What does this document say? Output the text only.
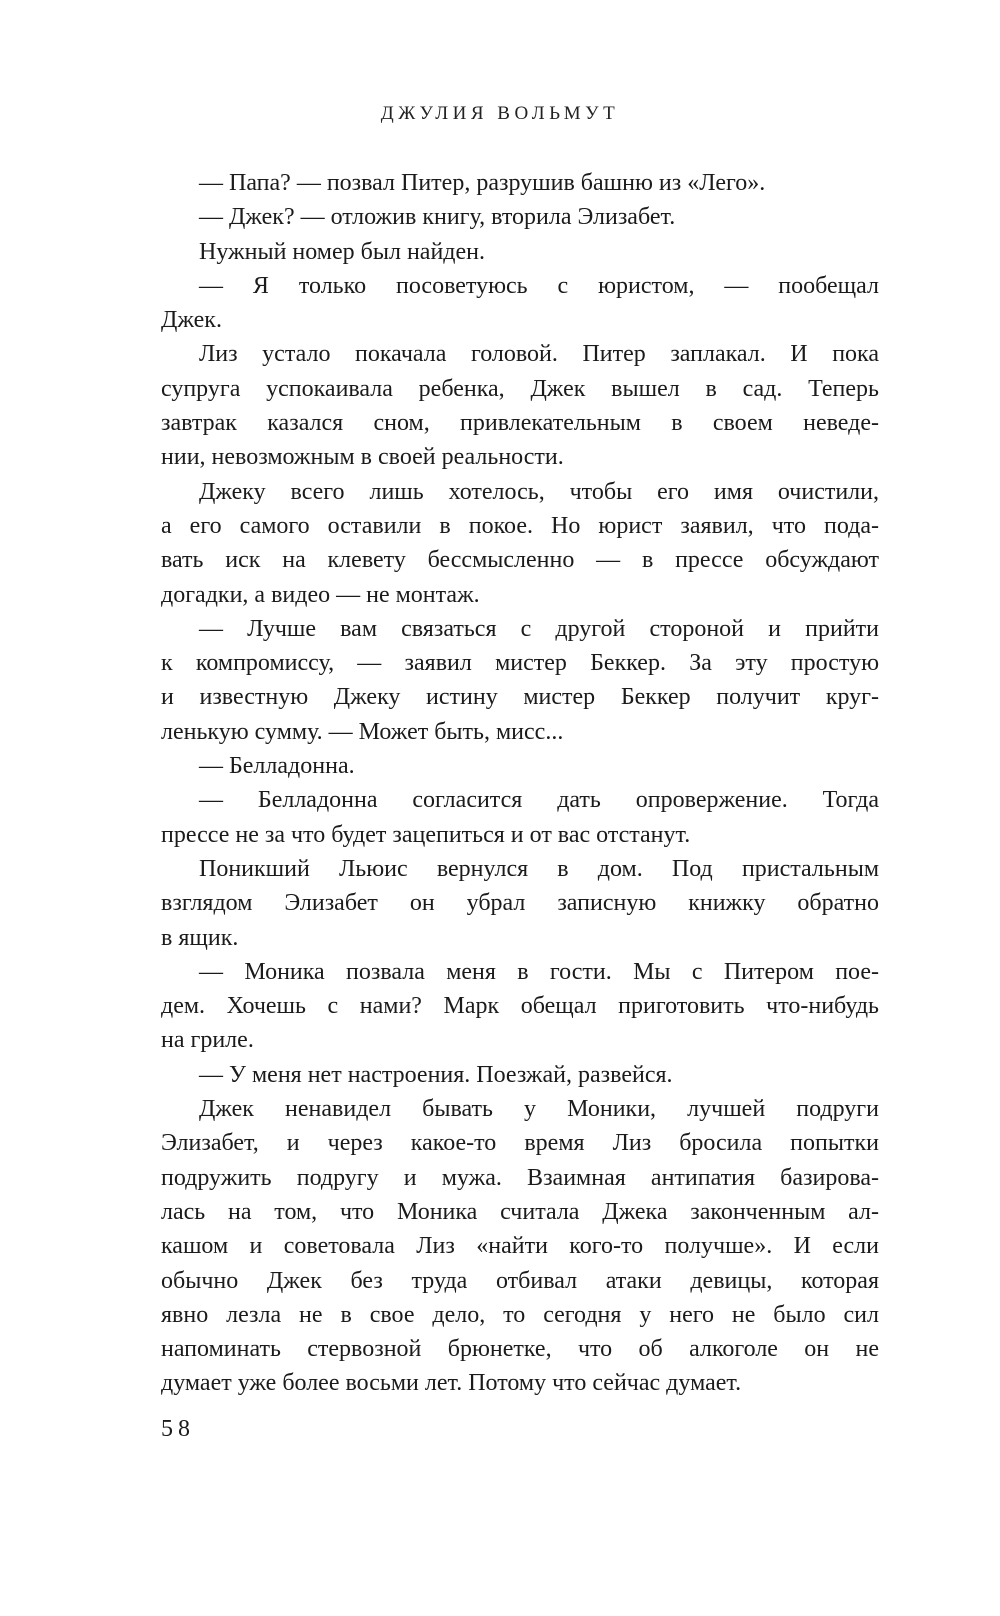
ДЖУЛИЯ ВОЛЬМУТ
— Папа? — позвал Питер, разрушив башню из «Лего».
— Джек? — отложив книгу, вторила Элизабет.
Нужный номер был найден.
— Я только посоветуюсь с юристом, — пообещал
Джек.
Лиз устало покачала головой. Питер заплакал. И пока
супруга успокаивала ребенка, Джек вышел в сад. Теперь
завтрак казался сном, привлекательным в своем неведе-
нии, невозможным в своей реальности.
Джеку всего лишь хотелось, чтобы его имя очистили,
а его самого оставили в покое. Но юрист заявил, что пода-
вать иск на клевету бессмысленно — в прессе обсуждают
догадки, а видео — не монтаж.
— Лучше вам связаться с другой стороной и прийти
к компромиссу, — заявил мистер Беккер. За эту простую
и известную Джеку истину мистер Беккер получит круг-
ленькую сумму. — Может быть, мисс...
— Белладонна.
— Белладонна согласится дать опровержение. Тогда
прессе не за что будет зацепиться и от вас отстанут.
Поникший Льюис вернулся в дом. Под пристальным
взглядом Элизабет он убрал записную книжку обратно
в ящик.
— Моника позвала меня в гости. Мы с Питером пое-
дем. Хочешь с нами? Марк обещал приготовить что-нибудь
на гриле.
— У меня нет настроения. Поезжай, развейся.
Джек ненавидел бывать у Моники, лучшей подруги
Элизабет, и через какое-то время Лиз бросила попытки
подружить подругу и мужа. Взаимная антипатия базирова-
лась на том, что Моника считала Джека законченным ал-
кашом и советовала Лиз «найти кого-то получше». И если
обычно Джек без труда отбивал атаки девицы, которая
явно лезла не в свое дело, то сегодня у него не было сил
напоминать стервозной брюнетке, что об алкоголе он не
думает уже более восьми лет. Потому что сейчас думает.
58
